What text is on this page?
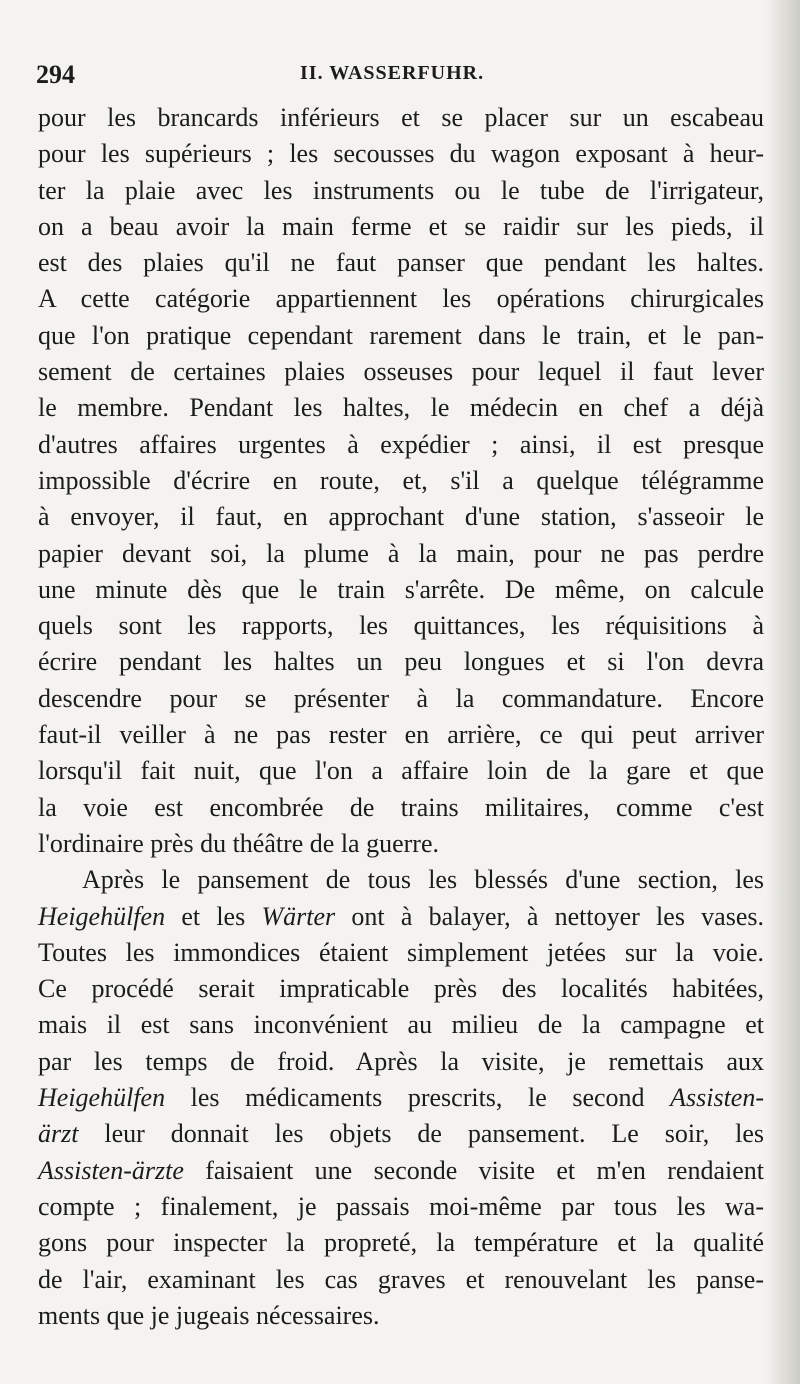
294	II. WASSERFUHR.
pour les brancards inférieurs et se placer sur un escabeau
pour les supérieurs ; les secousses du wagon exposant à heur-
ter la plaie avec les instruments ou le tube de l'irrigateur,
on a beau avoir la main ferme et se raidir sur les pieds, il
est des plaies qu'il ne faut panser que pendant les haltes.
A cette catégorie appartiennent les opérations chirurgicales
que l'on pratique cependant rarement dans le train, et le pan-
sement de certaines plaies osseuses pour lequel il faut lever
le membre. Pendant les haltes, le médecin en chef a déjà
d'autres affaires urgentes à expédier ; ainsi, il est presque
impossible d'écrire en route, et, s'il a quelque télégramme
à envoyer, il faut, en approchant d'une station, s'asseoir le
papier devant soi, la plume à la main, pour ne pas perdre
une minute dès que le train s'arrête. De même, on calcule
quels sont les rapports, les quittances, les réquisitions à
écrire pendant les haltes un peu longues et si l'on devra
descendre pour se présenter à la commandature. Encore
faut-il veiller à ne pas rester en arrière, ce qui peut arriver
lorsqu'il fait nuit, que l'on a affaire loin de la gare et que
la voie est encombrée de trains militaires, comme c'est
l'ordinaire près du théâtre de la guerre.
Après le pansement de tous les blessés d'une section, les
Heigehülfen et les Wärter ont à balayer, à nettoyer les vases.
Toutes les immondices étaient simplement jetées sur la voie.
Ce procédé serait impraticable près des localités habitées,
mais il est sans inconvénient au milieu de la campagne et
par les temps de froid. Après la visite, je remettais aux
Heigehülfen les médicaments prescrits, le second Assisten-
ärzt leur donnait les objets de pansement. Le soir, les
Assisten-ärzte faisaient une seconde visite et m'en rendaient
compte ; finalement, je passais moi-même par tous les wa-
gons pour inspecter la propreté, la température et la qualité
de l'air, examinant les cas graves et renouvelant les panse-
ments que je jugeais nécessaires.
